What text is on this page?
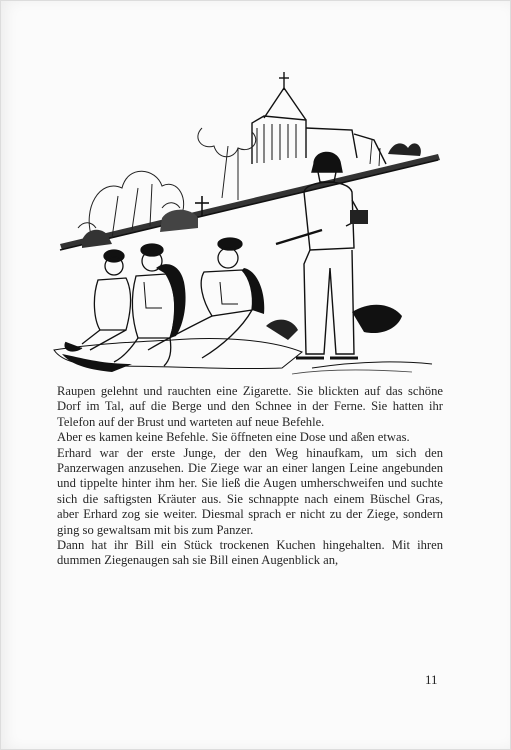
Raupen gelehnt und rauchten eine Zigarette. Sie blickten auf das schöne Dorf im Tal, auf die Berge und den Schnee in der Ferne. Sie hatten ihr Telefon auf der Brust und warteten auf neue Befehle.

Aber es kamen keine Befehle. Sie öffneten eine Dose und aßen etwas.

Erhard war der erste Junge, der den Weg hinaufkam, um sich den Panzerwagen anzusehen. Die Ziege war an einer langen Leine angebunden und tippelte hinter ihm her. Sie ließ die Augen umherschweifen und suchte sich die saftigsten Kräuter aus. Sie schnappte nach einem Büschel Gras, aber Erhard zog sie weiter. Diesmal sprach er nicht zu der Ziege, sondern ging so gewaltsam mit bis zum Panzer.

Dann hat ihr Bill ein Stück trockenen Kuchen hingehalten. Mit ihren dummen Ziegenaugen sah sie Bill einen Augenblick an,

11
